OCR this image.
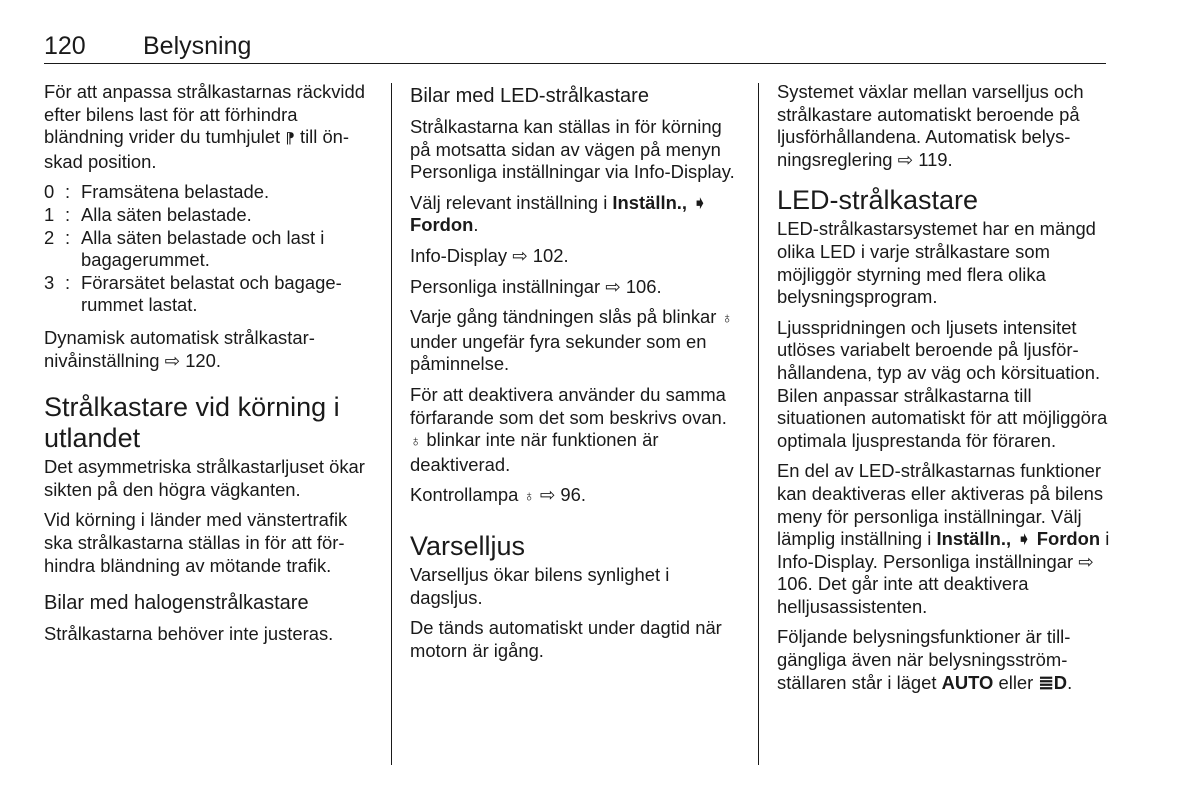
120 Belysning

För att anpassa strålkastarnas räckvidd efter bilens last för att förhindra bländning vrider du tumhjulet ⁋ till önskad position.

0 : Framsätena belastade.
1 : Alla säten belastade.
2 : Alla säten belastade och last i bagagerummet.
3 : Förarsätet belastat och bagagerummet lastat.

Dynamisk automatisk strålkastarnivåinställning ⇨ 120.

Strålkastare vid körning i utlandet

Det asymmetriska strålkastarljuset ökar sikten på den högra vägkanten.

Vid körning i länder med vänstertrafik ska strålkastarna ställas in för att förhindra bländning av mötande trafik.

Bilar med halogenstrålkastare

Strålkastarna behöver inte justeras.

Bilar med LED-strålkastare

Strålkastarna kan ställas in för körning på motsatta sidan av vägen på menyn Personliga inställningar via Info-Display.

Välj relevant inställning i Inställn., ➧ Fordon.

Info-Display ⇨ 102.

Personliga inställningar ⇨ 106.

Varje gång tändningen slås på blinkar ♁ under ungefär fyra sekunder som en påminnelse.

För att deaktivera använder du samma förfarande som det som beskrivs ovan. ♁ blinkar inte när funktionen är deaktiverad.

Kontrollampa ♁ ⇨ 96.

Varselljus

Varselljus ökar bilens synlighet i dagsljus.

De tänds automatiskt under dagtid när motorn är igång.

Systemet växlar mellan varselljus och strålkastare automatiskt beroende på ljusförhållandena. Automatisk belysningsreglering ⇨ 119.

LED-strålkastare

LED-strålkastarsystemet har en mängd olika LED i varje strålkastare som möjliggör styrning med flera olika belysningsprogram.

Ljusspridningen och ljusets intensitet utlöses variabelt beroende på ljusförhållandena, typ av väg och körsituation. Bilen anpassar strålkastarna till situationen automatiskt för att möjliggöra optimala ljusprestanda för föraren.

En del av LED-strålkastarnas funktioner kan deaktiveras eller aktiveras på bilens meny för personliga inställningar. Välj lämplig inställning i Inställn., ➧ Fordon i Info-Display. Personliga inställningar ⇨ 106. Det går inte att deaktivera helljusassistenten.

Följande belysningsfunktioner är tillgängliga även när belysningsströmställaren står i läget AUTO eller ≣D.
